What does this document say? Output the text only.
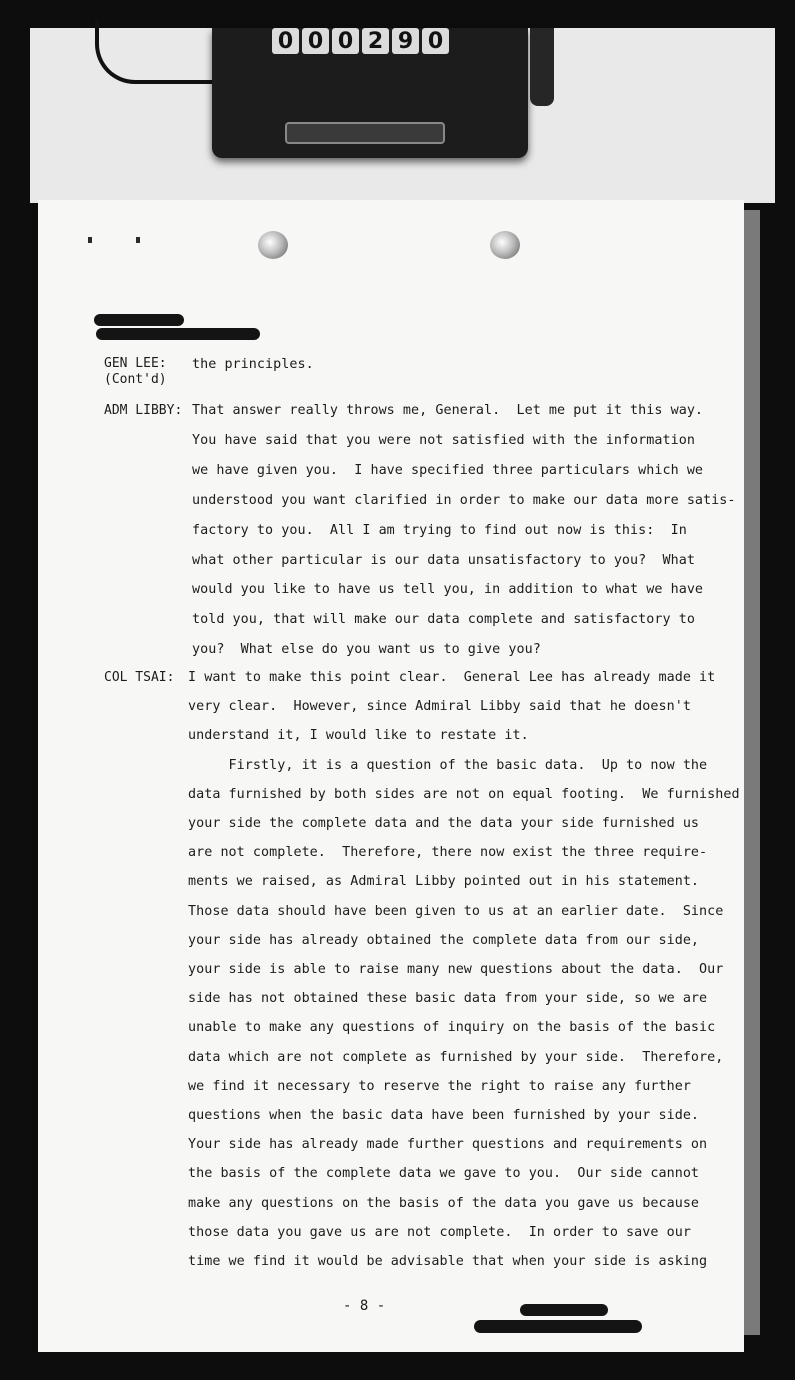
0 0 0 2 9 0
GEN LEE:
(Cont'd)
the principles.
ADM LIBBY: That answer really throws me, General.  Let me put it this way.
You have said that you were not satisfied with the information
we have given you.  I have specified three particulars which we
understood you want clarified in order to make our data more satis-
factory to you.  All I am trying to find out now is this:  In
what other particular is our data unsatisfactory to you?  What
would you like to have us tell you, in addition to what we have
told you, that will make our data complete and satisfactory to
you?  What else do you want us to give you?
COL TSAI: I want to make this point clear.  General Lee has already made it
very clear.  However, since Admiral Libby said that he doesn't
understand it, I would like to restate it.
Firstly, it is a question of the basic data.  Up to now the
data furnished by both sides are not on equal footing.  We furnished
your side the complete data and the data your side furnished us
are not complete.  Therefore, there now exist the three require-
ments we raised, as Admiral Libby pointed out in his statement.
Those data should have been given to us at an earlier date.  Since
your side has already obtained the complete data from our side,
your side is able to raise many new questions about the data.  Our
side has not obtained these basic data from your side, so we are
unable to make any questions of inquiry on the basis of the basic
data which are not complete as furnished by your side.  Therefore,
we find it necessary to reserve the right to raise any further
questions when the basic data have been furnished by your side.
Your side has already made further questions and requirements on
the basis of the complete data we gave to you.  Our side cannot
make any questions on the basis of the data you gave us because
those data you gave us are not complete.  In order to save our
time we find it would be advisable that when your side is asking
- 8 -
